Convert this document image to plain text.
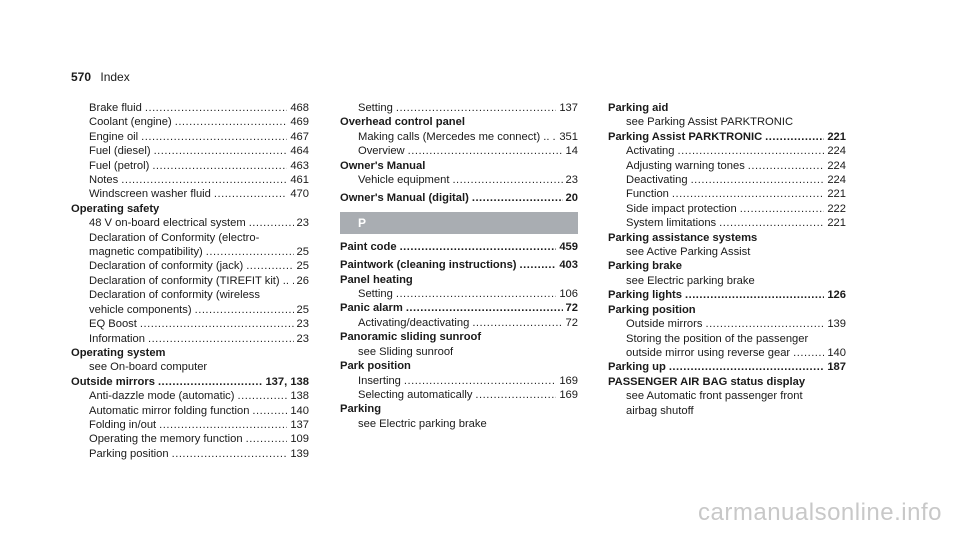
570 Index
Brake fluid .....	468
Coolant (engine) .....	469
Engine oil .....	467
Fuel (diesel) .....	464
Fuel (petrol) .....	463
Notes .....	461
Windscreen washer fluid .....	470
Operating safety
48 V on-board electrical system .....	23
Declaration of Conformity (electro-
magnetic compatibility) .....	25
Declaration of conformity (jack) .....	25
Declaration of conformity (TIREFIT kit) .. ..... 26
Declaration of conformity (wireless
vehicle components) .....	25
EQ Boost .....	23
Information .....	23
Operating system
see On-board computer
Outside mirrors .....	137, 138
Anti-dazzle mode (automatic) .....	138
Automatic mirror folding function .....	140
Folding in/out .....	137
Operating the memory function .....	109
Parking position .....	139
Setting .....	137
Overhead control panel
Making calls (Mercedes me connect) .. ..... 351
Overview .....	14
Owner's Manual
Vehicle equipment .....	23
Owner's Manual (digital) .....	20
P
Paint code .....	459
Paintwork (cleaning instructions) .....	403
Panel heating
Setting .....	106
Panic alarm .....	72
Activating/deactivating .....	72
Panoramic sliding sunroof
see Sliding sunroof
Park position
Inserting .....	169
Selecting automatically .....	169
Parking
see Electric parking brake
Parking aid
see Parking Assist PARKTRONIC
Parking Assist PARKTRONIC .....	221
Activating .....	224
Adjusting warning tones .....	224
Deactivating .....	224
Function .....	221
Side impact protection .....	222
System limitations .....	221
Parking assistance systems
see Active Parking Assist
Parking brake
see Electric parking brake
Parking lights .....	126
Parking position
Outside mirrors .....	139
Storing the position of the passenger
outside mirror using reverse gear .....	140
Parking up .....	187
PASSENGER AIR BAG status display
see Automatic front passenger front
airbag shutoff
carmanualsonline.info
